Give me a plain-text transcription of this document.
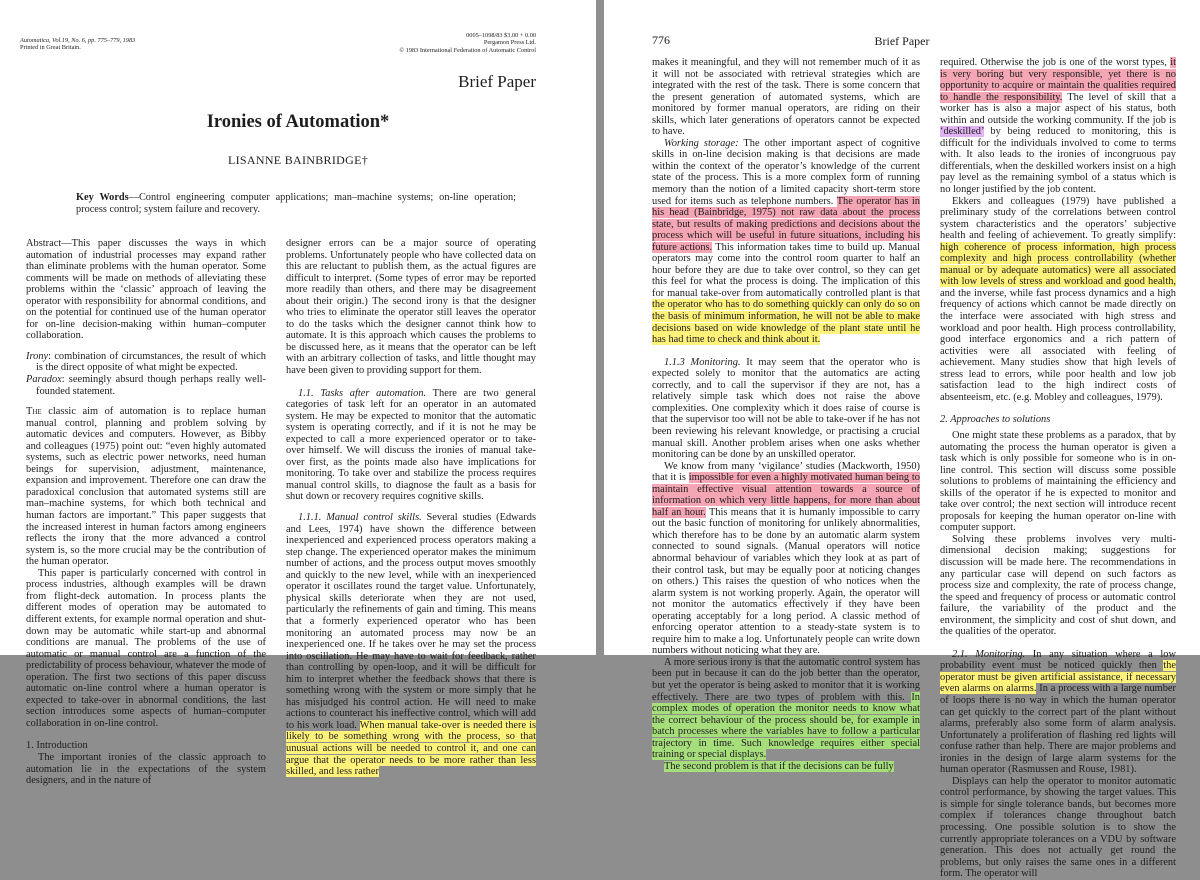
Automatica, Vol.19, No. 6, pp. 775–779, 1983
Printed in Great Britain.
0005–1098/83 $3.00 + 0.00
Pergamon Press Ltd.
© 1983 International Federation of Automatic Control
Brief Paper
Ironies of Automation*
LISANNE BAINBRIDGE†
Key Words—Control engineering computer applications; man–machine systems; on-line operation; process control; system failure and recovery.

Abstract—This paper discusses the ways in which automation of industrial processes may expand rather than eliminate problems with the human operator. Some comments will be made on methods of alleviating these problems within the ‘classic’ approach of leaving the operator with responsibility for abnormal conditions, and on the potential for continued use of the human operator for on-line decision-making within human–computer collaboration.

Irony: combination of circumstances, the result of which is the direct opposite of what might be expected.

Paradox: seemingly absurd though perhaps really well-founded statement.

The classic aim of automation is to replace human manual control, planning and problem solving by automatic devices and computers. However, as Bibby and colleagues (1975) point out: “even highly automated systems, such as electric power networks, need human beings for supervision, adjustment, maintenance, expansion and improvement. Therefore one can draw the paradoxical conclusion that automated systems still are man–machine systems, for which both technical and human factors are important.” This paper suggests that the increased interest in human factors among engineers reflects the irony that the more advanced a control system is, so the more crucial may be the contribution of the human operator.

This paper is particularly concerned with control in process industries, although examples will be drawn from flight-deck automation. In process plants the different modes of operation may be automated to different extents, for example normal operation and shut-down may be automatic while start-up and abnormal conditions are manual. The problems of the use of automatic or manual control are a function of the predictability of process behaviour, whatever the mode of operation. The first two sections of this paper discuss automatic on-line control where a human operator is expected to take-over in abnormal conditions, the last section introduces some aspects of human–computer collaboration in on-line control.

1. Introduction

The important ironies of the classic approach to automation lie in the expectations of the system designers, and in the nature of

designer errors can be a major source of operating problems. Unfortunately people who have collected data on this are reluctant to publish them, as the actual figures are difficult to interpret. (Some types of error may be reported more readily than others, and there may be disagreement about their origin.) The second irony is that the designer who tries to eliminate the operator still leaves the operator to do the tasks which the designer cannot think how to automate. It is this approach which causes the problems to be discussed here, as it means that the operator can be left with an arbitrary collection of tasks, and little thought may have been given to providing support for them.

1.1. Tasks after automation. There are two general categories of task left for an operator in an automated system. He may be expected to monitor that the automatic system is operating correctly, and if it is not he may be expected to call a more experienced operator or to take-over himself. We will discuss the ironies of manual take-over first, as the points made also have implications for monitoring. To take over and stabilize the process requires manual control skills, to diagnose the fault as a basis for shut down or recovery requires cognitive skills.

1.1.1. Manual control skills. Several studies (Edwards and Lees, 1974) have shown the difference between inexperienced and experienced process operators making a step change. The experienced operator makes the minimum number of actions, and the process output moves smoothly and quickly to the new level, while with an inexperienced operator it oscillates round the target value. Unfortunately, physical skills deteriorate when they are not used, particularly the refinements of gain and timing. This means that a formerly experienced operator who has been monitoring an automated process may now be an inexperienced one. If he takes over he may set the process into oscillation. He may have to wait for feedback, rather than controlling by open-loop, and it will be difficult for him to interpret whether the feedback shows that there is something wrong with the system or more simply that he has misjudged his control action. He will need to make actions to counteract his ineffective control, which will add to his work load. When manual take-over is needed there is likely to be something wrong with the process, so that unusual actions will be needed to control it, and one can argue that the operator needs to be more rather than less skilled, and less rather

776	Brief Paper

makes it meaningful, and they will not remember much of it as it will not be associated with retrieval strategies which are integrated with the rest of the task. There is some concern that the present generation of automated systems, which are monitored by former manual operators, are riding on their skills, which later generations of operators cannot be expected to have.

Working storage: The other important aspect of cognitive skills in on-line decision making is that decisions are made within the context of the operator’s knowledge of the current state of the process. This is a more complex form of running memory than the notion of a limited capacity short-term store used for items such as telephone numbers. The operator has in his head (Bainbridge, 1975) not raw data about the process state, but results of making predictions and decisions about the process which will be useful in future situations, including his future actions. This information takes time to build up. Manual operators may come into the control room quarter to half an hour before they are due to take over control, so they can get this feel for what the process is doing. The implication of this for manual take-over from automatically controlled plant is that the operator who has to do something quickly can only do so on the basis of minimum information, he will not be able to make decisions based on wide knowledge of the plant state until he has had time to check and think about it.

1.1.3 Monitoring. It may seem that the operator who is expected solely to monitor that the automatics are acting correctly, and to call the supervisor if they are not, has a relatively simple task which does not raise the above complexities. One complexity which it does raise of course is that the supervisor too will not be able to take-over if he has not been reviewing his relevant knowledge, or practising a crucial manual skill. Another problem arises when one asks whether monitoring can be done by an unskilled operator.

We know from many ‘vigilance’ studies (Mackworth, 1950) that it is impossible for even a highly motivated human being to maintain effective visual attention towards a source of information on which very little happens, for more than about half an hour. This means that it is humanly impossible to carry out the basic function of monitoring for unlikely abnormalities, which therefore has to be done by an automatic alarm system connected to sound signals. (Manual operators will notice abnormal behaviour of variables which they look at as part of their control task, but may be equally poor at noticing changes on others.) This raises the question of who notices when the alarm system is not working properly. Again, the operator will not monitor the automatics effectively if they have been operating acceptably for a long period. A classic method of enforcing operator attention to a steady-state system is to require him to make a log. Unfortunately people can write down numbers without noticing what they are.

A more serious irony is that the automatic control system has been put in because it can do the job better than the operator, but yet the operator is being asked to monitor that it is working effectively. There are two types of problem with this. In complex modes of operation the monitor needs to know what the correct behaviour of the process should be, for example in batch processes where the variables have to follow a particular trajectory in time. Such knowledge requires either special training or special displays.

The second problem is that if the decisions can be fully

required. Otherwise the job is one of the worst types, it is very boring but very responsible, yet there is no opportunity to acquire or maintain the qualities required to handle the responsibility. The level of skill that a worker has is also a major aspect of his status, both within and outside the working community. If the job is ‘deskilled’ by being reduced to monitoring, this is difficult for the individuals involved to come to terms with. It also leads to the ironies of incongruous pay differentials, when the deskilled workers insist on a high pay level as the remaining symbol of a status which is no longer justified by the job content.

Ekkers and colleagues (1979) have published a preliminary study of the correlations between control system characteristics and the operators’ subjective health and feeling of achievement. To greatly simplify: high coherence of process information, high process complexity and high process controllability (whether manual or by adequate automatics) were all associated with low levels of stress and workload and good health, and the inverse, while fast process dynamics and a high frequency of actions which cannot be made directly on the interface were associated with high stress and workload and poor health. High process controllability, good interface ergonomics and a rich pattern of activities were all associated with feeling of achievement. Many studies show that high levels of stress lead to errors, while poor health and low job satisfaction lead to the high indirect costs of absenteeism, etc. (e.g. Mobley and colleagues, 1979).

2. Approaches to solutions

One might state these problems as a paradox, that by automating the process the human operator is given a task which is only possible for someone who is in on-line control. This section will discuss some possible solutions to problems of maintaining the efficiency and skills of the operator if he is expected to monitor and take over control; the next section will introduce recent proposals for keeping the human operator on-line with computer support.

Solving these problems involves very multi-dimensional decision making; suggestions for discussion will be made here. The recommendations in any particular case will depend on such factors as process size and complexity, the rate of process change, the speed and frequency of process or automatic control failure, the variability of the product and the environment, the simplicity and cost of shut down, and the qualities of the operator.

2.1. Monitoring. In any situation where a low probability event must be noticed quickly then the operator must be given artificial assistance, if necessary even alarms on alarms. In a process with a large number of loops there is no way in which the human operator can get quickly to the correct part of the plant without alarms, preferably also some form of alarm analysis. Unfortunately a proliferation of flashing red lights will confuse rather than help. There are major problems and ironies in the design of large alarm systems for the human operator (Rasmussen and Rouse, 1981).

Displays can help the operator to monitor automatic control performance, by showing the target values. This is simple for single tolerance bands, but becomes more complex if tolerances change throughout batch processing. One possible solution is to show the currently appropriate tolerances on a VDU by software generation. This does not actually get round the problems, but only raises the same ones in a different form. The operator will
